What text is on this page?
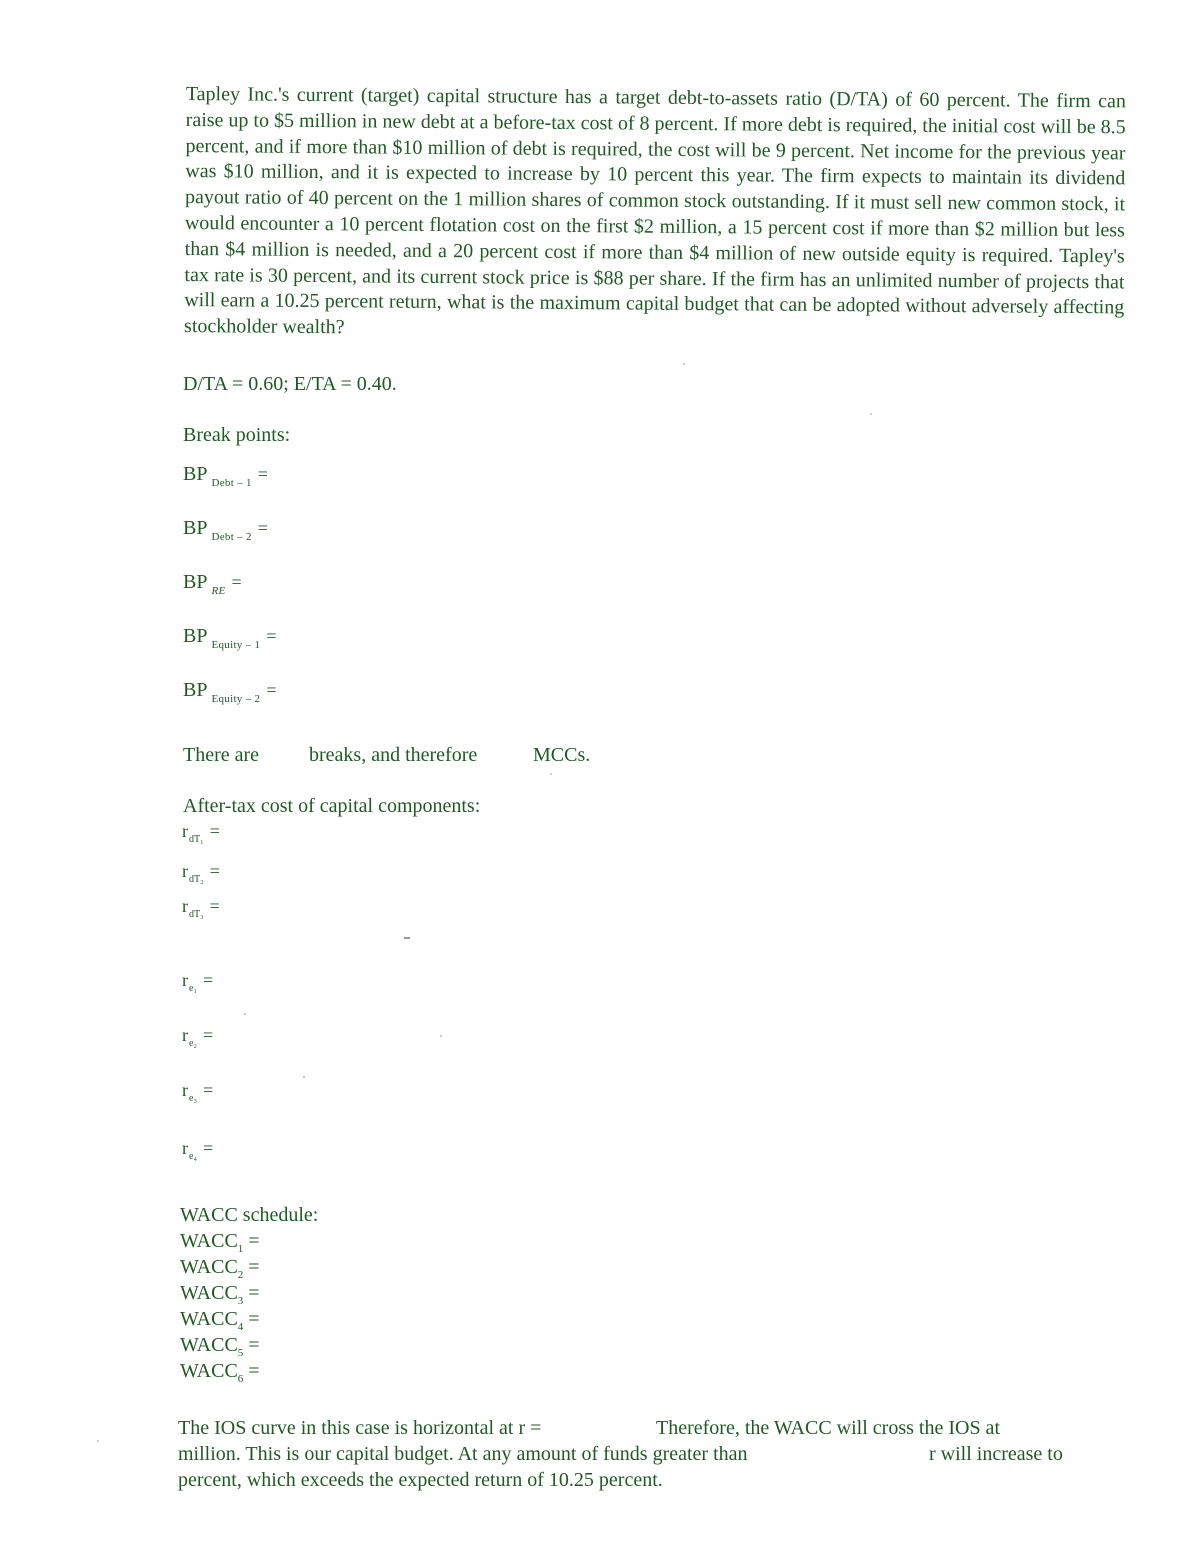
Tapley Inc.'s current (target) capital structure has a target debt-to-assets ratio (D/TA) of 60 percent. The firm can raise up to $5 million in new debt at a before-tax cost of 8 percent. If more debt is required, the initial cost will be 8.5 percent, and if more than $10 million of debt is required, the cost will be 9 percent. Net income for the previous year was $10 million, and it is expected to increase by 10 percent this year. The firm expects to maintain its dividend payout ratio of 40 percent on the 1 million shares of common stock outstanding. If it must sell new common stock, it would encounter a 10 percent flotation cost on the first $2 million, a 15 percent cost if more than $2 million but less than $4 million is needed, and a 20 percent cost if more than $4 million of new outside equity is required. Tapley's tax rate is 30 percent, and its current stock price is $88 per share. If the firm has an unlimited number of projects that will earn a 10.25 percent return, what is the maximum capital budget that can be adopted without adversely affecting stockholder wealth?
D/TA = 0.60; E/TA = 0.40.
Break points:
BP $_{Debt - 1}$ =
BP $_{Debt - 2}$ =
BP $_{RE}$ =
BP $_{Equity - 1}$ =
BP $_{Equity - 2}$ =
There are breaks, and therefore	MCCs.
After-tax cost of capital components:
$r_{dT_1}$ =
$r_{dT_2}$ =
$r_{dT_3}$ =
$r_{e_1}$ =
$r_{e_2}$ =
$r_{e_3}$ =
$r_{e_4}$ =
WACC schedule:
$WACC_1$ =
$WACC_2$ =
$WACC_3$ =
$WACC_4$ =
$WACC_5$ =
$WACC_6$ =
The IOS curve in this case is horizontal at r =	Therefore, the WACC will cross the IOS at
million. This is our capital budget. At any amount of funds greater than	r will increase to
percent, which exceeds the expected return of 10.25 percent.
